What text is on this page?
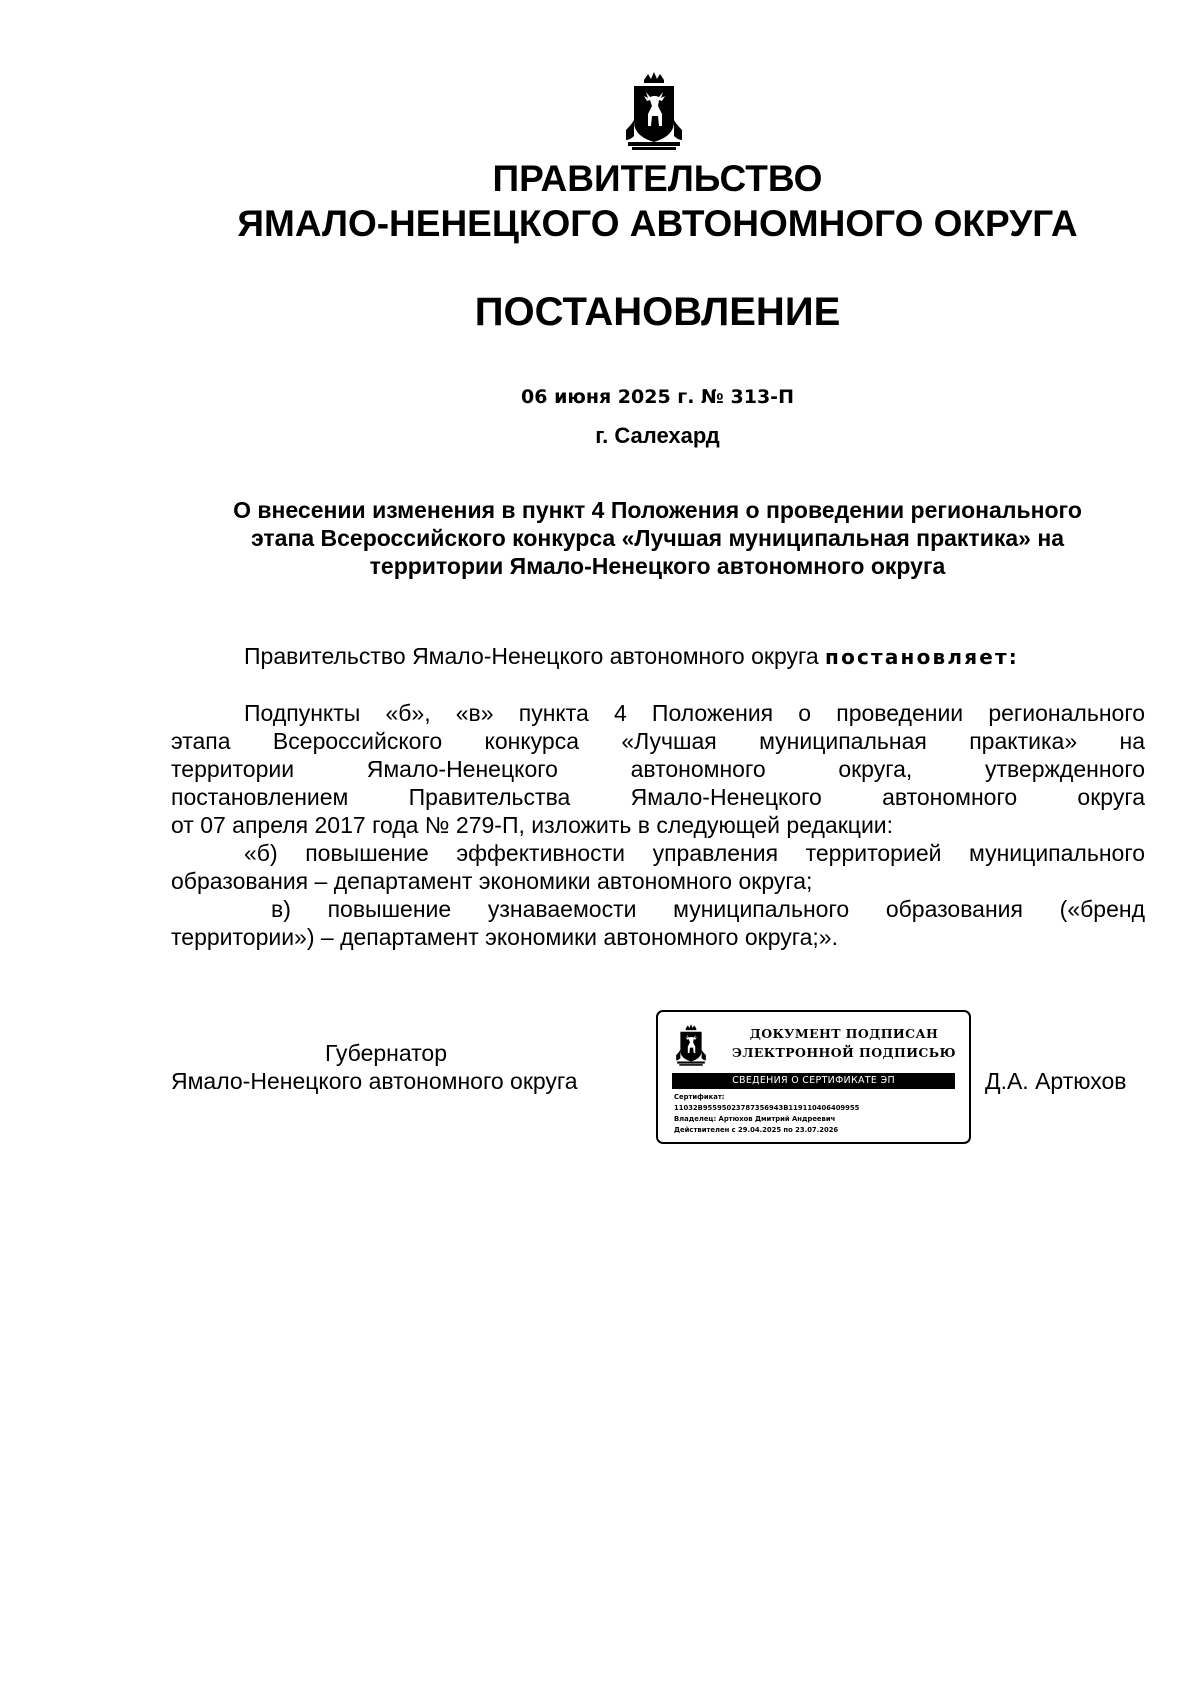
ПРАВИТЕЛЬСТВО
ЯМАЛО-НЕНЕЦКОГО АВТОНОМНОГО ОКРУГА
ПОСТАНОВЛЕНИЕ
06 июня 2025 г. № 313-П
г. Салехард
О внесении изменения в пункт 4 Положения о проведении регионального
этапа Всероссийского конкурса «Лучшая муниципальная практика» на
территории Ямало-Ненецкого автономного округа
Правительство Ямало-Ненецкого автономного округа постановляет:
Подпункты «б», «в» пункта 4 Положения о проведении регионального
этапа Всероссийского конкурса «Лучшая муниципальная практика» на
территории Ямало-Ненецкого автономного округа, утвержденного
постановлением Правительства Ямало-Ненецкого автономного округа
от 07 апреля 2017 года № 279-П, изложить в следующей редакции:
«б) повышение эффективности управления территорией муниципального
образования – департамент экономики автономного округа;
в) повышение узнаваемости муниципального образования («бренд
территории») – департамент экономики автономного округа;».
Губернатор
Ямало-Ненецкого автономного округа
ДОКУМЕНТ ПОДПИСАН
ЭЛЕКТРОННОЙ ПОДПИСЬЮ
СВЕДЕНИЯ О СЕРТИФИКАТЕ ЭП
Сертификат:
11032B95595023787356943B119110406409955
Владелец: Артюхов Дмитрий Андреевич
Действителен с 29.04.2025 по 23.07.2026
Д.А. Артюхов
